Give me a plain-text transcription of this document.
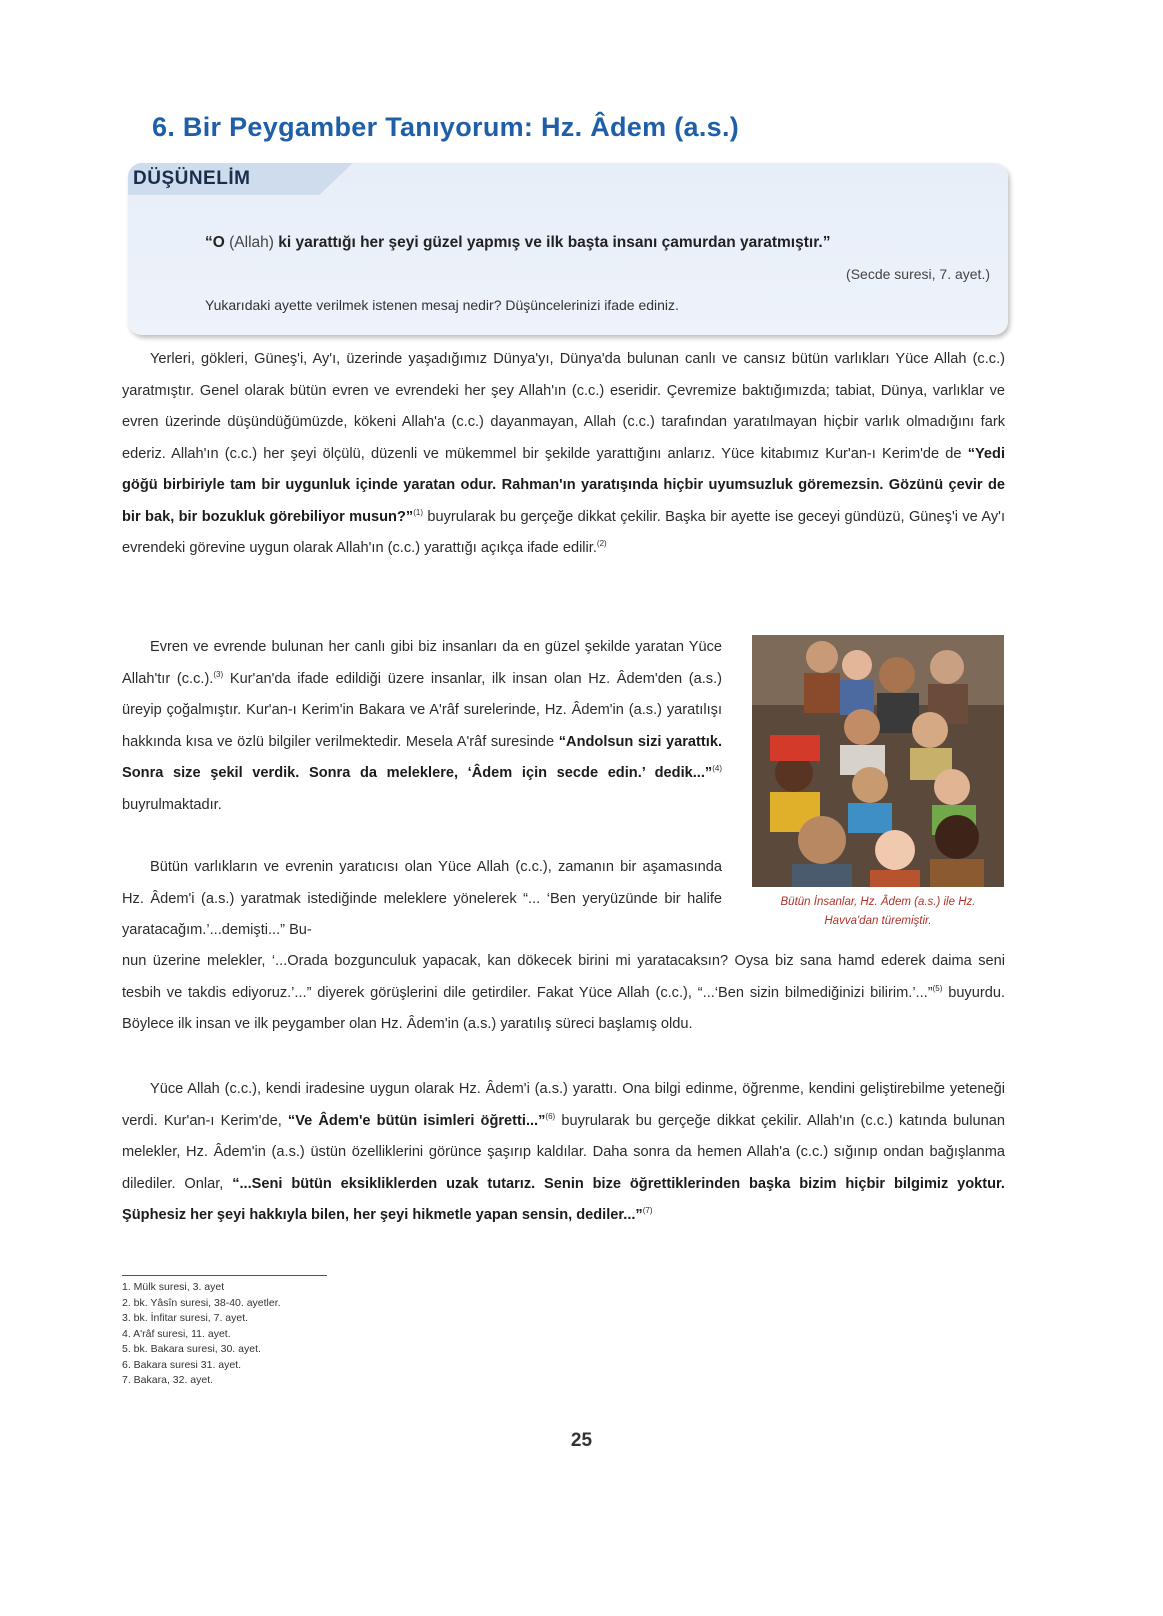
6. Bir Peygamber Tanıyorum: Hz. Âdem (a.s.)
DÜŞÜNELİM
“O (Allah) ki yarattığı her şeyi güzel yapmış ve ilk başta insanı çamurdan yaratmıştır.”
(Secde suresi, 7. ayet.)
Yukarıdaki ayette verilmek istenen mesaj nedir? Düşüncelerinizi ifade ediniz.
Yerleri, gökleri, Güneş'i, Ay'ı, üzerinde yaşadığımız Dünya'yı, Dünya'da bulunan canlı ve cansız bütün varlıkları Yüce Allah (c.c.) yaratmıştır. Genel olarak bütün evren ve evrendeki her şey Allah'ın (c.c.) eseridir. Çevremize baktığımızda; tabiat, Dünya, varlıklar ve evren üzerinde düşündüğümüzde, kökeni Allah'a (c.c.) dayanmayan, Allah (c.c.) tarafından yaratılmayan hiçbir varlık olmadığını fark ederiz. Allah'ın (c.c.) her şeyi ölçülü, düzenli ve mükemmel bir şekilde yarattığını anlarız. Yüce kitabımız Kur'an-ı Kerim'de de “Yedi göğü birbiriyle tam bir uygunluk içinde yaratan odur. Rahman'ın yaratışında hiçbir uyumsuzluk göremezsin. Gözünü çevir de bir bak, bir bozukluk görebiliyor musun?”$^{(1)}$ buyrularak bu gerçeğe dikkat çekilir. Başka bir ayette ise geceyi gündüzü, Güneş'i ve Ay'ı evrendeki görevine uygun olarak Allah'ın (c.c.) yarattığı açıkça ifade edilir.$^{(2)}$
Evren ve evrende bulunan her canlı gibi biz insanları da en güzel şekilde yaratan Yüce Allah'tır (c.c.).$^{(3)}$ Kur'an'da ifade edildiği üzere insanlar, ilk insan olan Hz. Âdem'den (a.s.) üreyip çoğalmıştır. Kur'an-ı Kerim'in Bakara ve A'râf surelerinde, Hz. Âdem'in (a.s.) yaratılışı hakkında kısa ve özlü bilgiler verilmektedir. Mesela A'râf suresinde “Andolsun sizi yarattık. Sonra size şekil verdik. Sonra da meleklere, ‘Âdem için secde edin.’ dedik...”$^{(4)}$ buyrulmaktadır.
Bütün varlıkların ve evrenin yaratıcısı olan Yüce Allah (c.c.), zamanın bir aşamasında Hz. Âdem'i (a.s.) yaratmak istediğinde meleklere yönelerek “... ‘Ben yeryüzünde bir halife yaratacağım.’...demişti...” Bu-
nun üzerine melekler, ‘...Orada bozgunculuk yapacak, kan dökecek birini mi yaratacaksın? Oysa biz sana hamd ederek daima seni tesbih ve takdis ediyoruz.’...” diyerek görüşlerini dile getirdiler. Fakat Yüce Allah (c.c.), “...‘Ben sizin bilmediğinizi bilirim.’...”$^{(5)}$ buyurdu. Böylece ilk insan ve ilk peygamber olan Hz. Âdem'in (a.s.) yaratılış süreci başlamış oldu.
Yüce Allah (c.c.), kendi iradesine uygun olarak Hz. Âdem'i (a.s.) yarattı. Ona bilgi edinme, öğrenme, kendini geliştirebilme yeteneği verdi. Kur'an-ı Kerim'de, “Ve Âdem'e bütün isimleri öğretti...”$^{(6)}$ buyrularak bu gerçeğe dikkat çekilir. Allah'ın (c.c.) katında bulunan melekler, Hz. Âdem'in (a.s.) üstün özelliklerini görünce şaşırıp kaldılar. Daha sonra da hemen Allah'a (c.c.) sığınıp ondan bağışlanma dilediler. Onlar, “...Seni bütün eksikliklerden uzak tutarız. Senin bize öğrettiklerinden başka bizim hiçbir bilgimiz yoktur. Şüphesiz her şeyi hakkıyla bilen, her şeyi hikmetle yapan sensin, dediler...”$^{(7)}$
Bütün İnsanlar, Hz. Âdem (a.s.) ile Hz. Havva'dan türemiştir.
1. Mülk suresi, 3. ayet
2. bk. Yâsîn suresi, 38-40. ayetler.
3. bk. İnfitar suresi, 7. ayet.
4. A'râf suresi, 11. ayet.
5. bk. Bakara suresi, 30. ayet.
6. Bakara suresi 31. ayet.
7. Bakara, 32. ayet.
25
